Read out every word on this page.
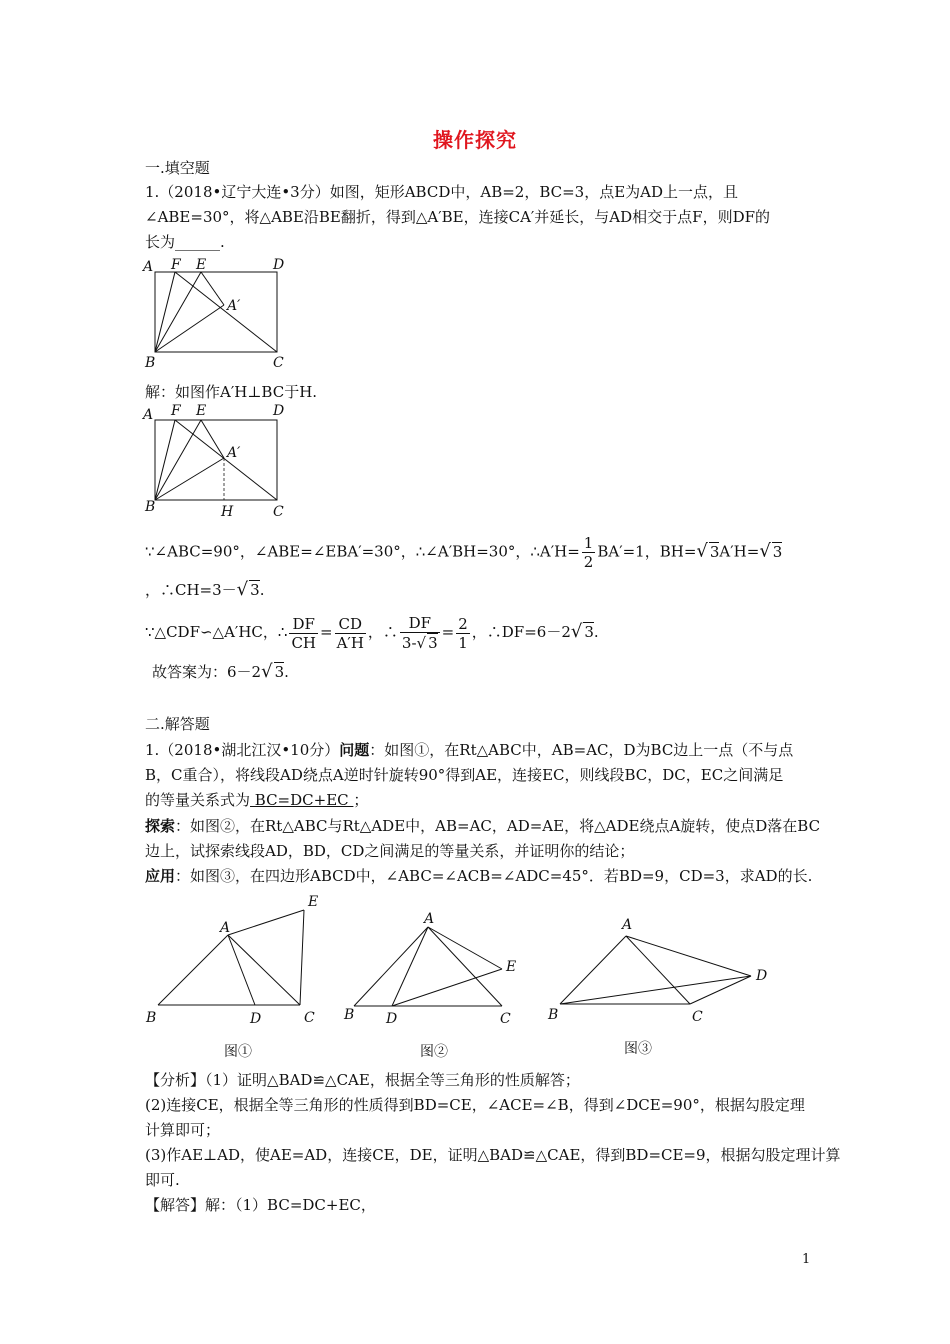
操作探究
一.填空题
1.（2018•辽宁大连•3分）如图，矩形ABCD中，AB=2，BC=3，点E为AD上一点，且
∠ABE=30°，将△ABE沿BE翻折，得到△A′BE，连接CA′并延长，与AD相交于点F，则DF的
长为______.
A F E	D
A′
B	C
解：如图作A′H⊥BC于H.
A F E	D
A′
B	H	C
∵∠ABC=90°，∠ABE=∠EBA′=30°，∴∠A′BH=30°，∴A′H= $\frac{1}{2} BA'=1$，BH=√ 3A′H=√ 3
，∴CH=3－√ 3.
∵△CDF∽△A′HC，∴ $\frac{DF}{CH} = \frac{CD}{A'H}$ ，∴ $\frac{DF}{3-√ 3} = \frac{2}{1}$ ，∴DF=6－2√ 3.
故答案为：6－2√ 3.
二.解答题
1.（2018•湖北江汉•10分）问题：如图①，在Rt△ABC中，AB=AC，D为BC边上一点（不与点
B，C重合），将线段AD绕点A逆时针旋转90°得到AE，连接EC，则线段BC，DC，EC之间满足
的等量关系式为 BC=DC+EC ；
探索：如图②，在Rt△ABC与Rt△ADE中，AB=AC，AD=AE，将△ADE绕点A旋转，使点D落在BC
边上，试探索线段AD，BD，CD之间满足的等量关系，并证明你的结论；
应用：如图③，在四边形ABCD中，∠ABC=∠ACB=∠ADC=45°．若BD=9，CD=3，求AD的长.
A
E
B	D	C
图①
A
E
B D	C
图②
A
D
B	C
图③
【分析】（1）证明△BAD≌△CAE，根据全等三角形的性质解答；
(2)连接CE，根据全等三角形的性质得到BD=CE，∠ACE=∠B，得到∠DCE=90°，根据勾股定理
计算即可；
(3)作AE⊥AD，使AE=AD，连接CE，DE，证明△BAD≌△CAE，得到BD=CE=9，根据勾股定理计算
即可.
【解答】解：（1）BC=DC+EC，
1
